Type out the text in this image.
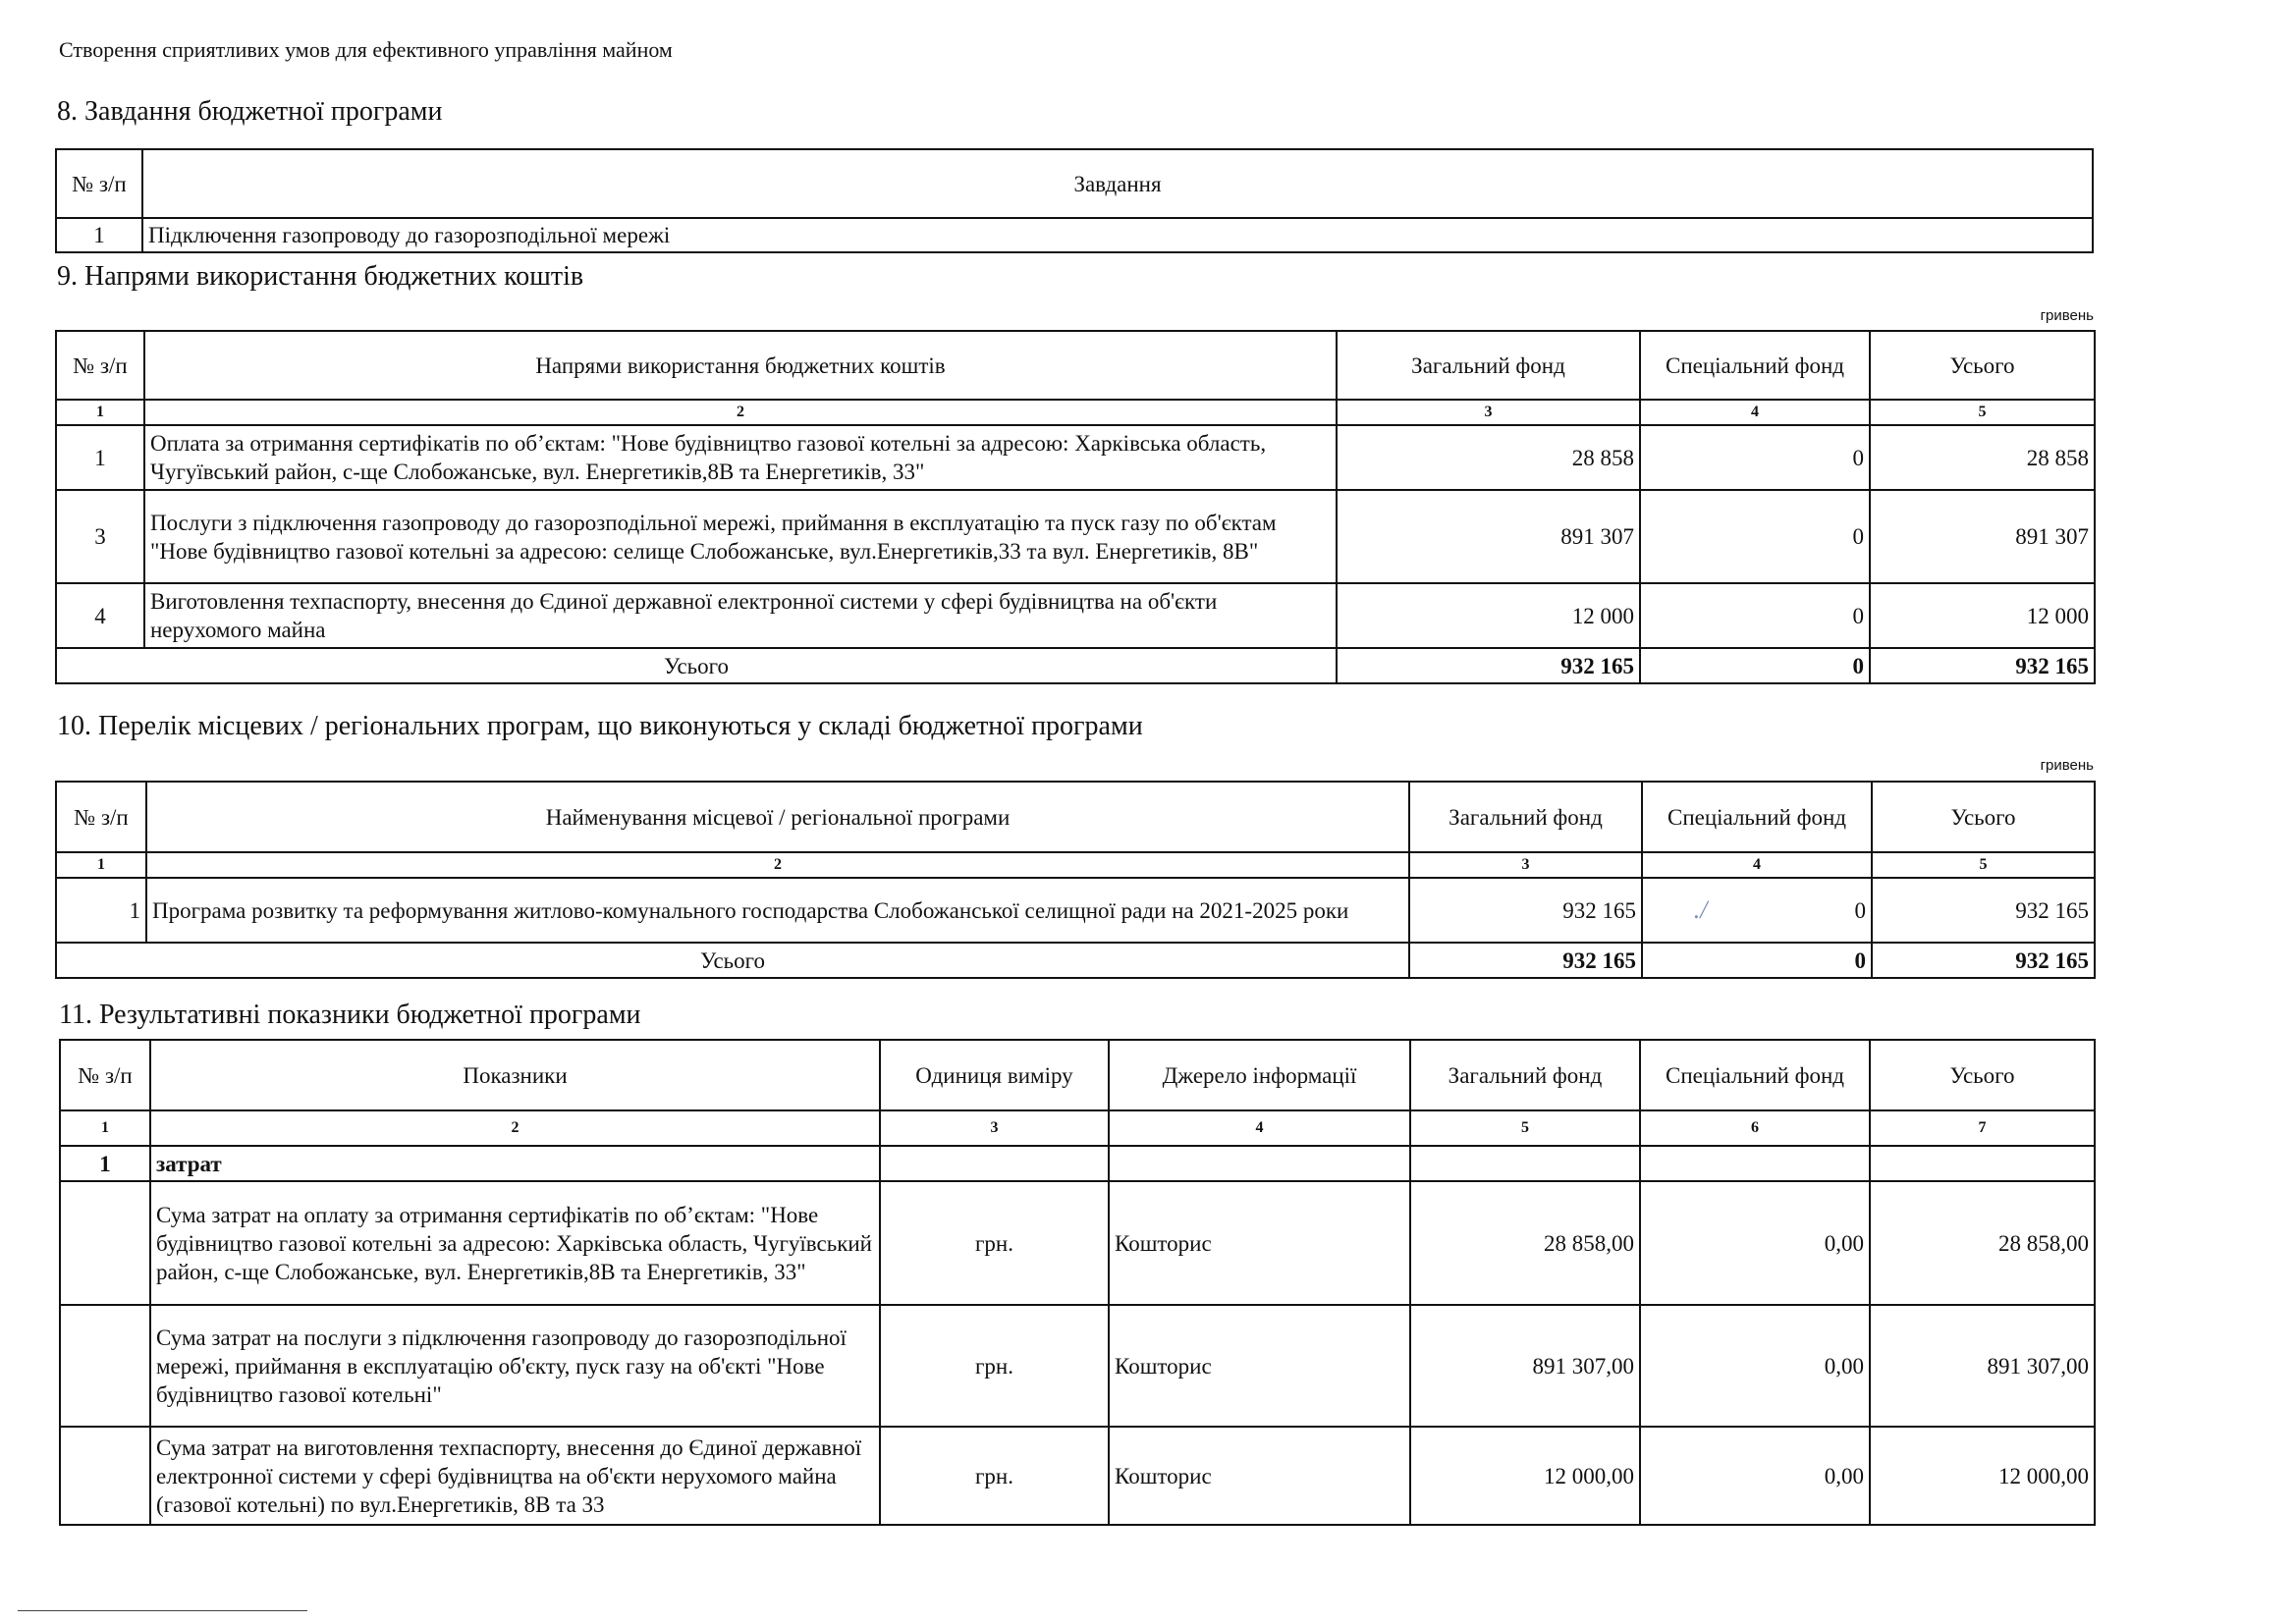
Створення сприятливих умов для ефективного управління майном
8. Завдання бюджетної програми
№ з/п	Завдання
1	Підключення газопроводу до газорозподільної мережі
9. Напрями використання бюджетних коштів
гривень
№ з/п	Напрями використання бюджетних коштів	Загальний фонд	Спеціальний фонд	Усього
1	2	3	4	5
1	Оплата за отримання сертифікатів по об’єктам: "Нове будівництво газової котельні за адресою: Харківська область, Чугуївський район, с-ще Слобожанське, вул. Енергетиків,8В та Енергетиків, 33"	28 858	0	28 858
3	Послуги з підключення газопроводу до газорозподільної мережі, приймання в експлуатацію та пуск газу по об'єктам "Нове будівництво газової котельні за адресою: селище Слобожанське, вул.Енергетиків,33 та вул. Енергетиків, 8В"	891 307	0	891 307
4	Виготовлення техпаспорту, внесення до Єдиної державної електронної системи у сфері будівництва на об'єкти нерухомого майна	12 000	0	12 000
Усього		932 165	0	932 165
10. Перелік місцевих / регіональних програм, що виконуються у складі бюджетної програми
гривень
№ з/п	Найменування місцевої / регіональної програми	Загальний фонд	Спеціальний фонд	Усього
1	2	3	4	5
1	Програма розвитку та реформування житлово-комунального господарства Слобожанської селищної ради на 2021-2025 роки	932 165	./ 0	932 165
Усього		932 165	0	932 165
11. Результативні показники бюджетної програми
№ з/п	Показники	Одиниця виміру	Джерело інформації	Загальний фонд	Спеціальний фонд	Усього
1	2	3	4	5	6	7
1	затрат					
	Сума затрат на оплату за отримання сертифікатів по об’єктам: "Нове будівництво газової котельні за адресою: Харківська область, Чугуївський район, с-ще Слобожанське, вул. Енергетиків,8В та Енергетиків, 33"	грн.	Кошторис	28 858,00	0,00	28 858,00
	Сума затрат на послуги з підключення газопроводу до газорозподільної мережі, приймання в експлуатацію об'єкту, пуск газу на об'єкті "Нове будівництво газової котельні"	грн.	Кошторис	891 307,00	0,00	891 307,00
	Сума затрат на виготовлення техпаспорту, внесення до Єдиної державної електронної системи у сфері будівництва на об'єкти нерухомого майна (газової котельні) по вул.Енергетиків, 8В та 33	грн.	Кошторис	12 000,00	0,00	12 000,00
